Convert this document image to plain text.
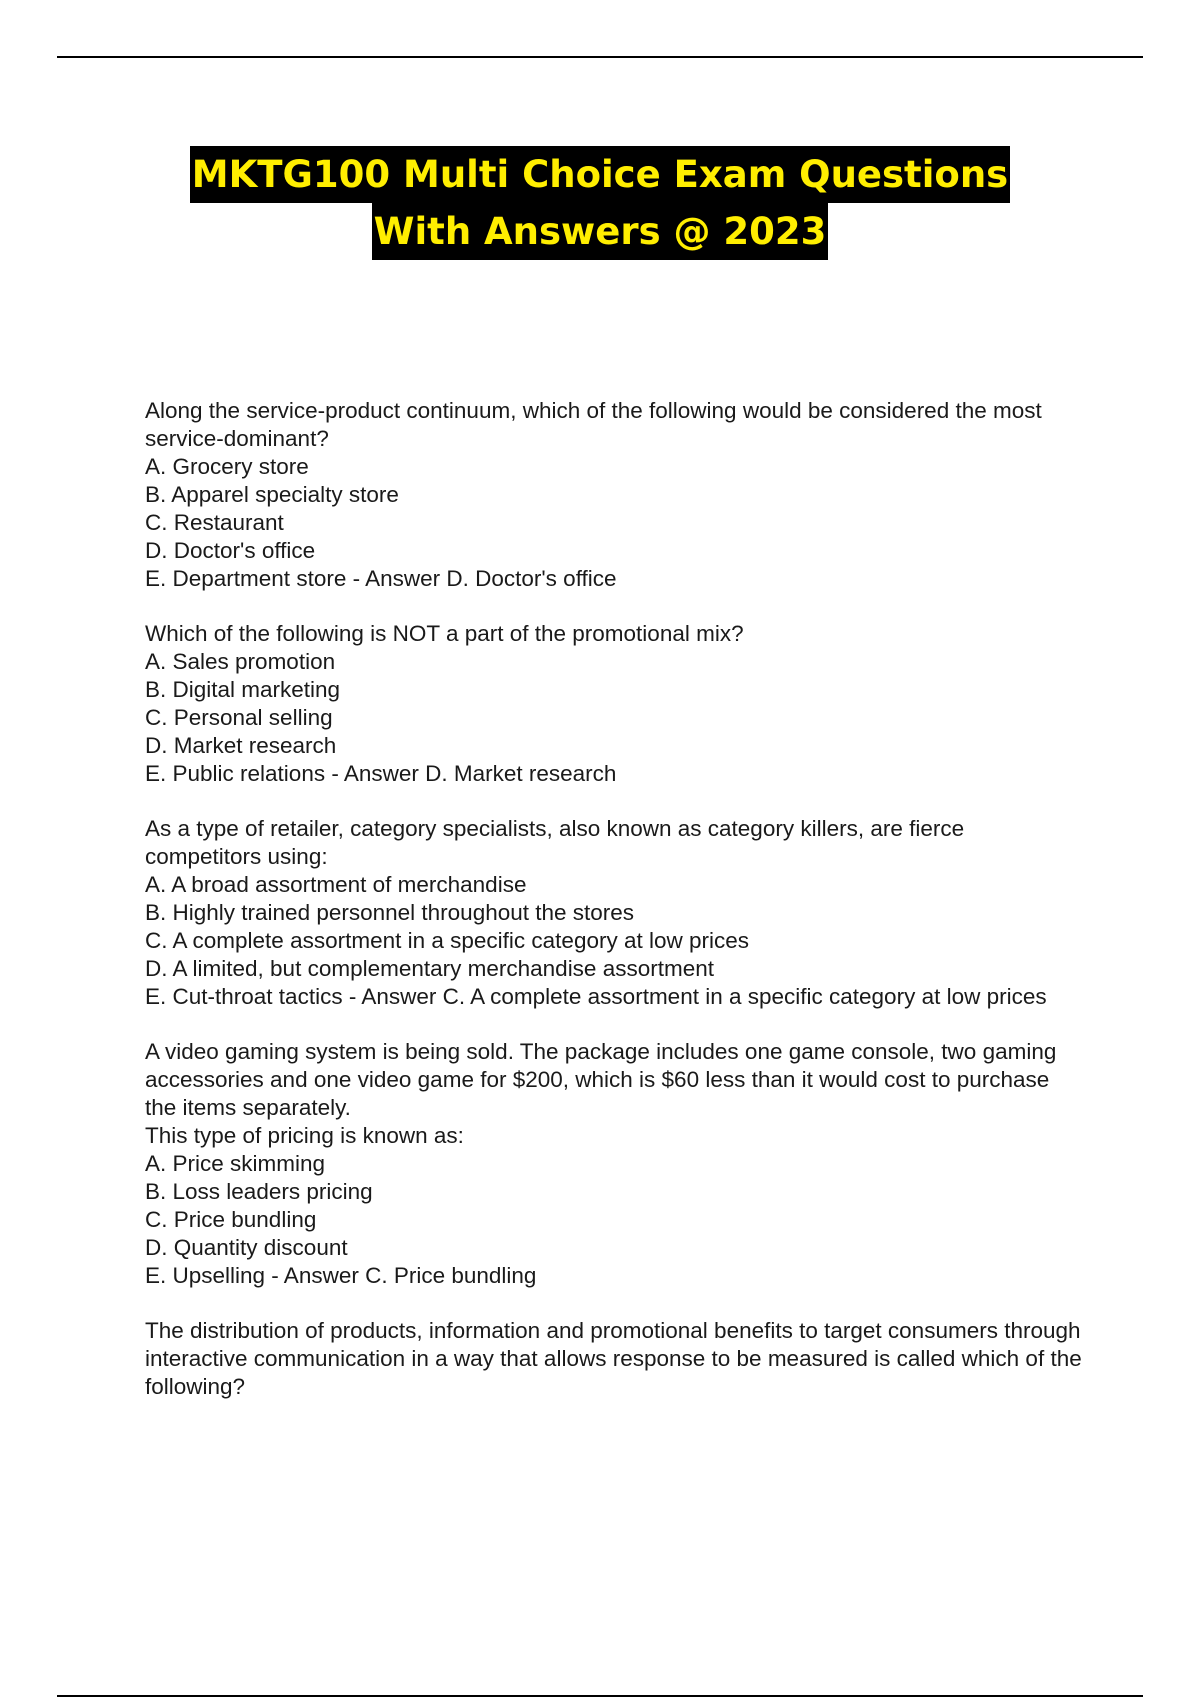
MKTG100 Multi Choice Exam Questions
With Answers @ 2023
Along the service-product continuum, which of the following would be considered the most service-dominant?
A. Grocery store
B. Apparel specialty store
C. Restaurant
D. Doctor's office
E. Department store - Answer D. Doctor's office
Which of the following is NOT a part of the promotional mix?
A. Sales promotion
B. Digital marketing
C. Personal selling
D. Market research
E. Public relations - Answer D. Market research
As a type of retailer, category specialists, also known as category killers, are fierce competitors using:
A. A broad assortment of merchandise
B. Highly trained personnel throughout the stores
C. A complete assortment in a specific category at low prices
D. A limited, but complementary merchandise assortment
E. Cut-throat tactics - Answer C. A complete assortment in a specific category at low prices
A video gaming system is being sold. The package includes one game console, two gaming accessories and one video game for $200, which is $60 less than it would cost to purchase the items separately.
This type of pricing is known as:
A. Price skimming
B. Loss leaders pricing
C. Price bundling
D. Quantity discount
E. Upselling - Answer C. Price bundling
The distribution of products, information and promotional benefits to target consumers through interactive communication in a way that allows response to be measured is called which of the following?
